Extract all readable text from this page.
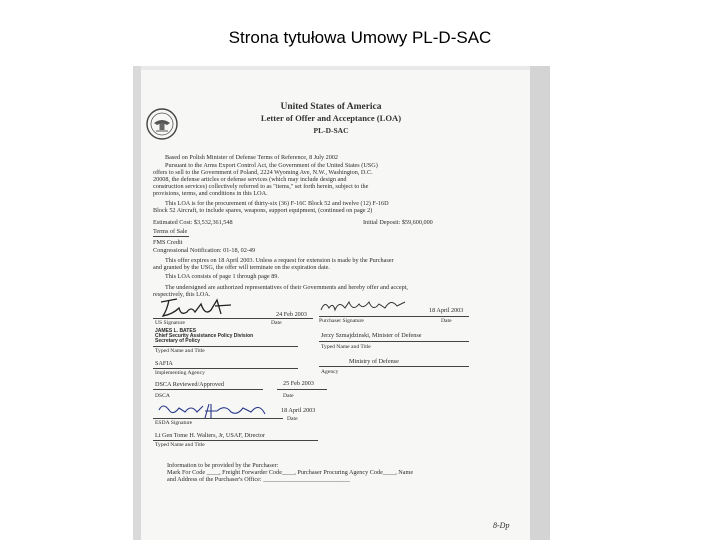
Strona tytułowa Umowy PL-D-SAC
United States of America
Letter of Offer and Acceptance (LOA)
PL-D-SAC
Based on Polish Minister of Defense Terms of Reference, 8 July 2002
Pursuant to the Arms Export Control Act, the Government of the United States (USG)
offers to sell to the Government of Poland, 2224 Wyoming Ave, N.W., Washington, D.C.
20008, the defense articles or defense services (which may include design and
construction services) collectively referred to as "items," set forth herein, subject to the
provisions, terms, and conditions in this LOA.
This LOA is for the procurement of thirty-six (36) F-16C Block 52 and twelve (12) F-16D
Block 52 Aircraft, to include spares, weapons, support equipment, (continued on page 2)
Estimated Cost: $3,532,361,548	Initial Deposit: $59,600,000
Terms of Sale
FMS Credit
Congressional Notification: 01-18, 02-49
This offer expires on 18 April 2003. Unless a request for extension is made by the Purchaser
and granted by the USG, the offer will terminate on the expiration date.
This LOA consists of page 1 through page 89.
The undersigned are authorized representatives of their Governments and hereby offer and accept,
respectively, this LOA.
24 Feb 2003
US Signature	Date
18 April 2003
Purchaser Signature	Date
JAMES L. BATES
Chief Security Assistance Policy Division
Secretary of Policy
Typed Name and Title
Jerzy Szmajdzinski, Minister of Defense
Typed Name and Title
SAFIA
Implementing Agency
Ministry of Defense
Agency
DSCA Reviewed/Approved	25 Feb 2003
DSCA	Date
18 April 2003
ESDA Signature
Date
Lt Gen Tome H. Walters, Jr, USAF, Director
Typed Name and Title
Information to be provided by the Purchaser:
Mark For Code ____, Freight Forwarder Code____, Purchaser Procuring Agency Code____, Name
and Address of the Purchaser's Office: ____________________________
8-Dp
